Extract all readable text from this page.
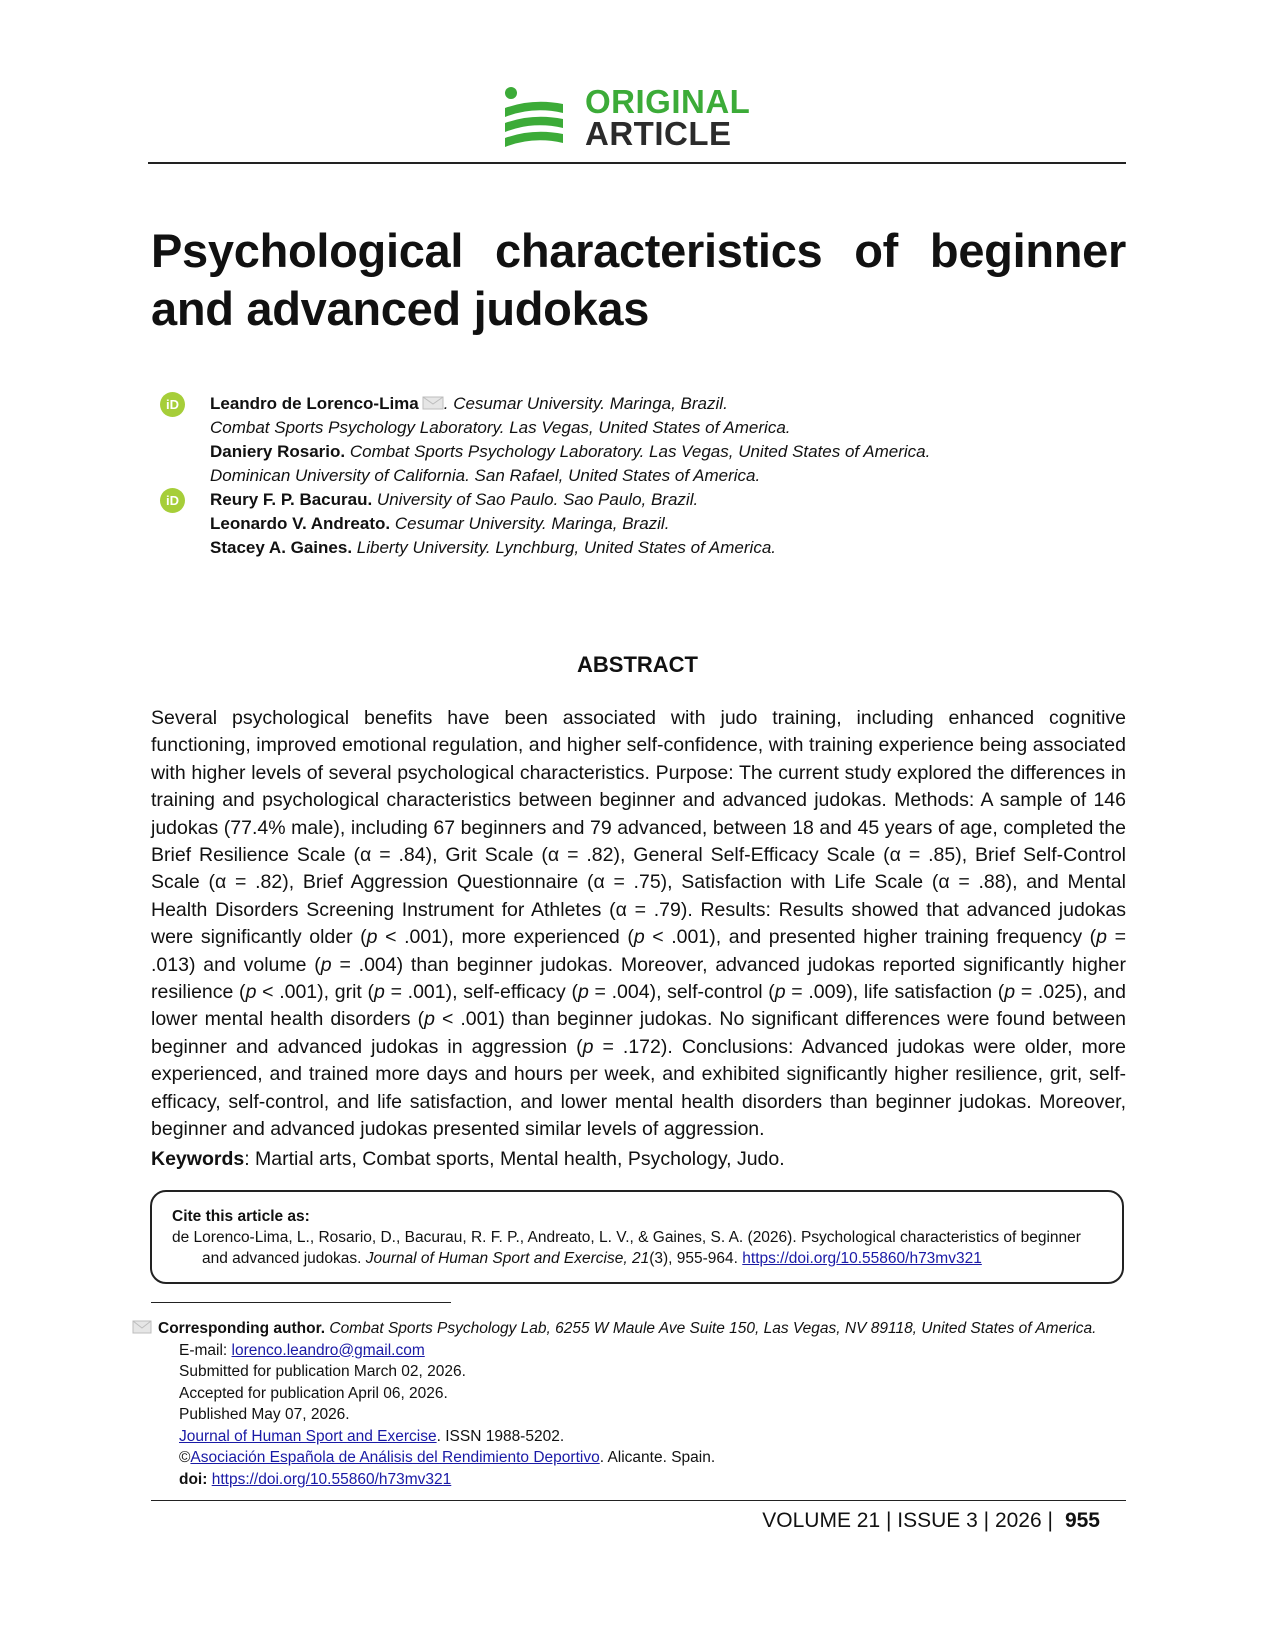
ORIGINAL
ARTICLE
Psychological characteristics of beginner and advanced judokas
iD	Leandro de Lorenco-Lima . Cesumar University. Maringa, Brazil.
Combat Sports Psychology Laboratory. Las Vegas, United States of America.
Daniery Rosario. Combat Sports Psychology Laboratory. Las Vegas, United States of America.
Dominican University of California. San Rafael, United States of America.
iD	Reury F. P. Bacurau. University of Sao Paulo. Sao Paulo, Brazil.
Leonardo V. Andreato. Cesumar University. Maringa, Brazil.
Stacey A. Gaines. Liberty University. Lynchburg, United States of America.
ABSTRACT

Several psychological benefits have been associated with judo training, including enhanced cognitive functioning, improved emotional regulation, and higher self-confidence, with training experience being associated with higher levels of several psychological characteristics. Purpose: The current study explored the differences in training and psychological characteristics between beginner and advanced judokas. Methods: A sample of 146 judokas (77.4% male), including 67 beginners and 79 advanced, between 18 and 45 years of age, completed the Brief Resilience Scale (α = .84), Grit Scale (α = .82), General Self-Efficacy Scale (α = .85), Brief Self-Control Scale (α = .82), Brief Aggression Questionnaire (α = .75), Satisfaction with Life Scale (α = .88), and Mental Health Disorders Screening Instrument for Athletes (α = .79). Results: Results showed that advanced judokas were significantly older (p < .001), more experienced (p < .001), and presented higher training frequency (p = .013) and volume (p = .004) than beginner judokas. Moreover, advanced judokas reported significantly higher resilience (p < .001), grit (p = .001), self-efficacy (p = .004), self-control (p = .009), life satisfaction (p = .025), and lower mental health disorders (p < .001) than beginner judokas. No significant differences were found between beginner and advanced judokas in aggression (p = .172). Conclusions: Advanced judokas were older, more experienced, and trained more days and hours per week, and exhibited significantly higher resilience, grit, self-efficacy, self-control, and life satisfaction, and lower mental health disorders than beginner judokas. Moreover, beginner and advanced judokas presented similar levels of aggression.

Keywords: Martial arts, Combat sports, Mental health, Psychology, Judo.

Cite this article as:
de Lorenco-Lima, L., Rosario, D., Bacurau, R. F. P., Andreato, L. V., & Gaines, S. A. (2026). Psychological characteristics of beginner and advanced judokas. Journal of Human Sport and Exercise, 21(3), 955-964. https://doi.org/10.55860/h73mv321
Corresponding author. Combat Sports Psychology Lab, 6255 W Maule Ave Suite 150, Las Vegas, NV 89118, United States of America.
E-mail: lorenco.leandro@gmail.com
Submitted for publication March 02, 2026.
Accepted for publication April 06, 2026.
Published May 07, 2026.
Journal of Human Sport and Exercise. ISSN 1988-5202.
©Asociación Española de Análisis del Rendimiento Deportivo. Alicante. Spain.
doi: https://doi.org/10.55860/h73mv321
VOLUME 21 | ISSUE 3 | 2026 | 955
